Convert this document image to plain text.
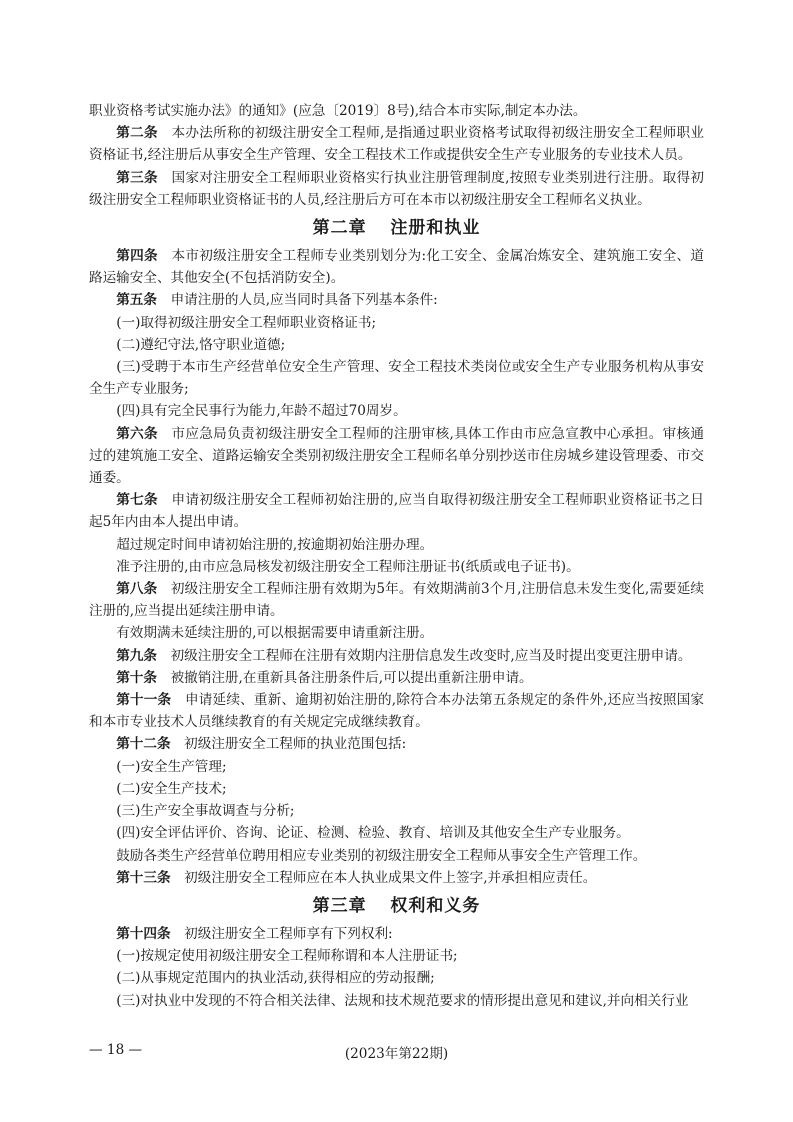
职业资格考试实施办法》的通知》(应急〔2019〕8号),结合本市实际,制定本办法。

第二条 本办法所称的初级注册安全工程师,是指通过职业资格考试取得初级注册安全工程师职业资格证书,经注册后从事安全生产管理、安全工程技术工作或提供安全生产专业服务的专业技术人员。

第三条 国家对注册安全工程师职业资格实行执业注册管理制度,按照专业类别进行注册。取得初级注册安全工程师职业资格证书的人员,经注册后方可在本市以初级注册安全工程师名义执业。

第二章 注册和执业

第四条 本市初级注册安全工程师专业类别划分为:化工安全、金属冶炼安全、建筑施工安全、道路运输安全、其他安全(不包括消防安全)。

第五条 申请注册的人员,应当同时具备下列基本条件:

(一)取得初级注册安全工程师职业资格证书;

(二)遵纪守法,恪守职业道德;

(三)受聘于本市生产经营单位安全生产管理、安全工程技术类岗位或安全生产专业服务机构从事安全生产专业服务;

(四)具有完全民事行为能力,年龄不超过70周岁。

第六条 市应急局负责初级注册安全工程师的注册审核,具体工作由市应急宣教中心承担。审核通过的建筑施工安全、道路运输安全类别初级注册安全工程师名单分别抄送市住房城乡建设管理委、市交通委。

第七条 申请初级注册安全工程师初始注册的,应当自取得初级注册安全工程师职业资格证书之日起5年内由本人提出申请。

超过规定时间申请初始注册的,按逾期初始注册办理。

准予注册的,由市应急局核发初级注册安全工程师注册证书(纸质或电子证书)。

第八条 初级注册安全工程师注册有效期为5年。有效期满前3个月,注册信息未发生变化,需要延续注册的,应当提出延续注册申请。

有效期满未延续注册的,可以根据需要申请重新注册。

第九条 初级注册安全工程师在注册有效期内注册信息发生改变时,应当及时提出变更注册申请。

第十条 被撤销注册,在重新具备注册条件后,可以提出重新注册申请。

第十一条 申请延续、重新、逾期初始注册的,除符合本办法第五条规定的条件外,还应当按照国家和本市专业技术人员继续教育的有关规定完成继续教育。

第十二条 初级注册安全工程师的执业范围包括:

(一)安全生产管理;

(二)安全生产技术;

(三)生产安全事故调查与分析;

(四)安全评估评价、咨询、论证、检测、检验、教育、培训及其他安全生产专业服务。

鼓励各类生产经营单位聘用相应专业类别的初级注册安全工程师从事安全生产管理工作。

第十三条 初级注册安全工程师应在本人执业成果文件上签字,并承担相应责任。

第三章 权利和义务

第十四条 初级注册安全工程师享有下列权利:

(一)按规定使用初级注册安全工程师称谓和本人注册证书;

(二)从事规定范围内的执业活动,获得相应的劳动报酬;

(三)对执业中发现的不符合相关法律、法规和技术规范要求的情形提出意见和建议,并向相关行业

— 18 —	(2023年第22期)
